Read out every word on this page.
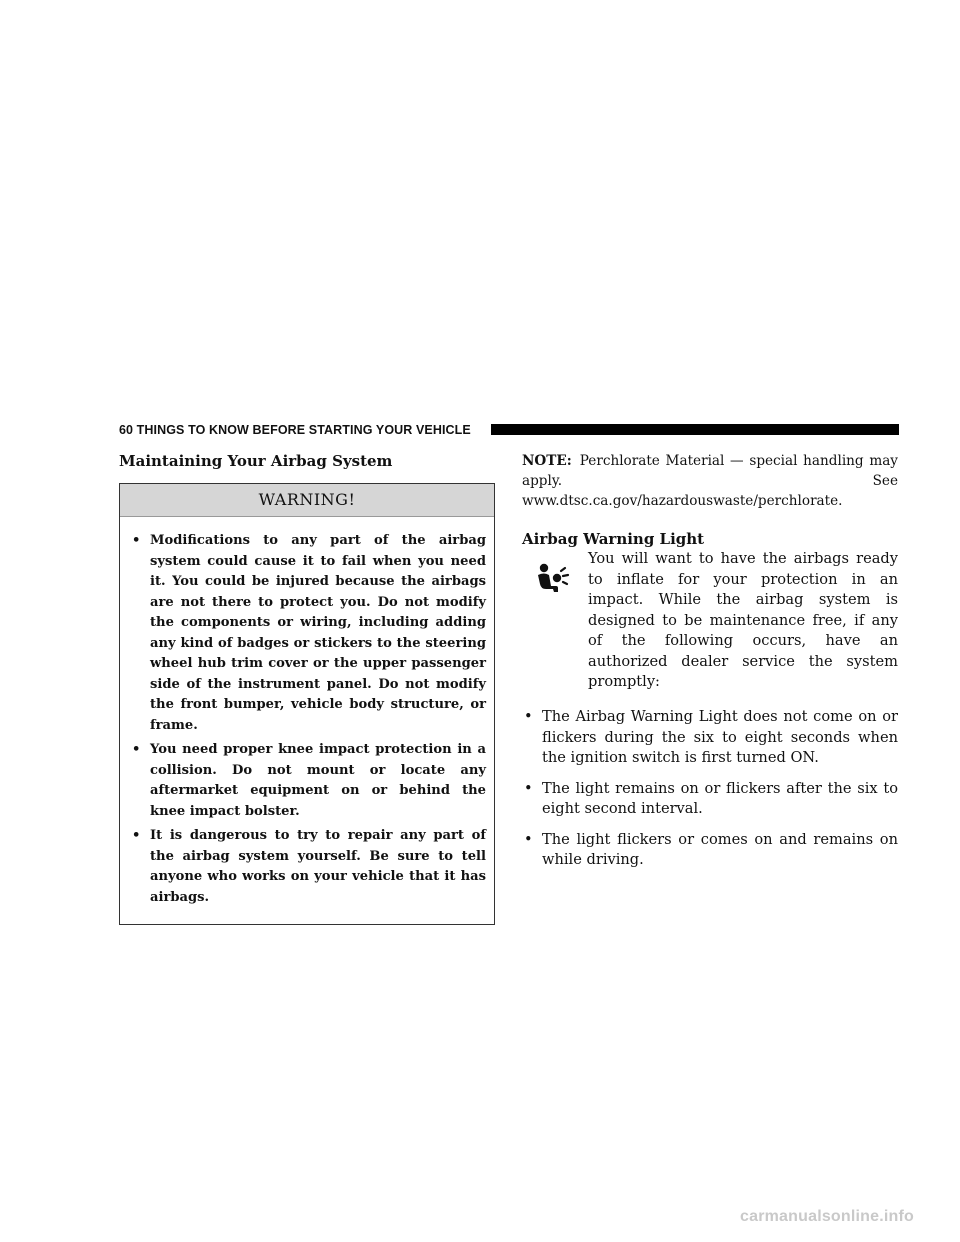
60 THINGS TO KNOW BEFORE STARTING YOUR VEHICLE
Maintaining Your Airbag System
WARNING!
• Modifications to any part of the airbag system could cause it to fail when you need it. You could be injured because the airbags are not there to protect you. Do not modify the components or wiring, including adding any kind of badges or stickers to the steering wheel hub trim cover or the upper passenger side of the instrument panel. Do not modify the front bumper, vehicle body structure, or frame.
• You need proper knee impact protection in a collision. Do not mount or locate any aftermarket equipment on or behind the knee impact bolster.
• It is dangerous to try to repair any part of the airbag system yourself. Be sure to tell anyone who works on your vehicle that it has airbags.

NOTE: Perchlorate Material — special handling may apply. See www.dtsc.ca.gov/hazardouswaste/perchlorate.

Airbag Warning Light

You will want to have the airbags ready to inflate for your protection in an impact. While the airbag system is designed to be maintenance free, if any of the following occurs, have an authorized dealer service the system promptly:

• The Airbag Warning Light does not come on or flickers during the six to eight seconds when the ignition switch is first turned ON.
• The light remains on or flickers after the six to eight second interval.
• The light flickers or comes on and remains on while driving.
carmanualsonline.info
